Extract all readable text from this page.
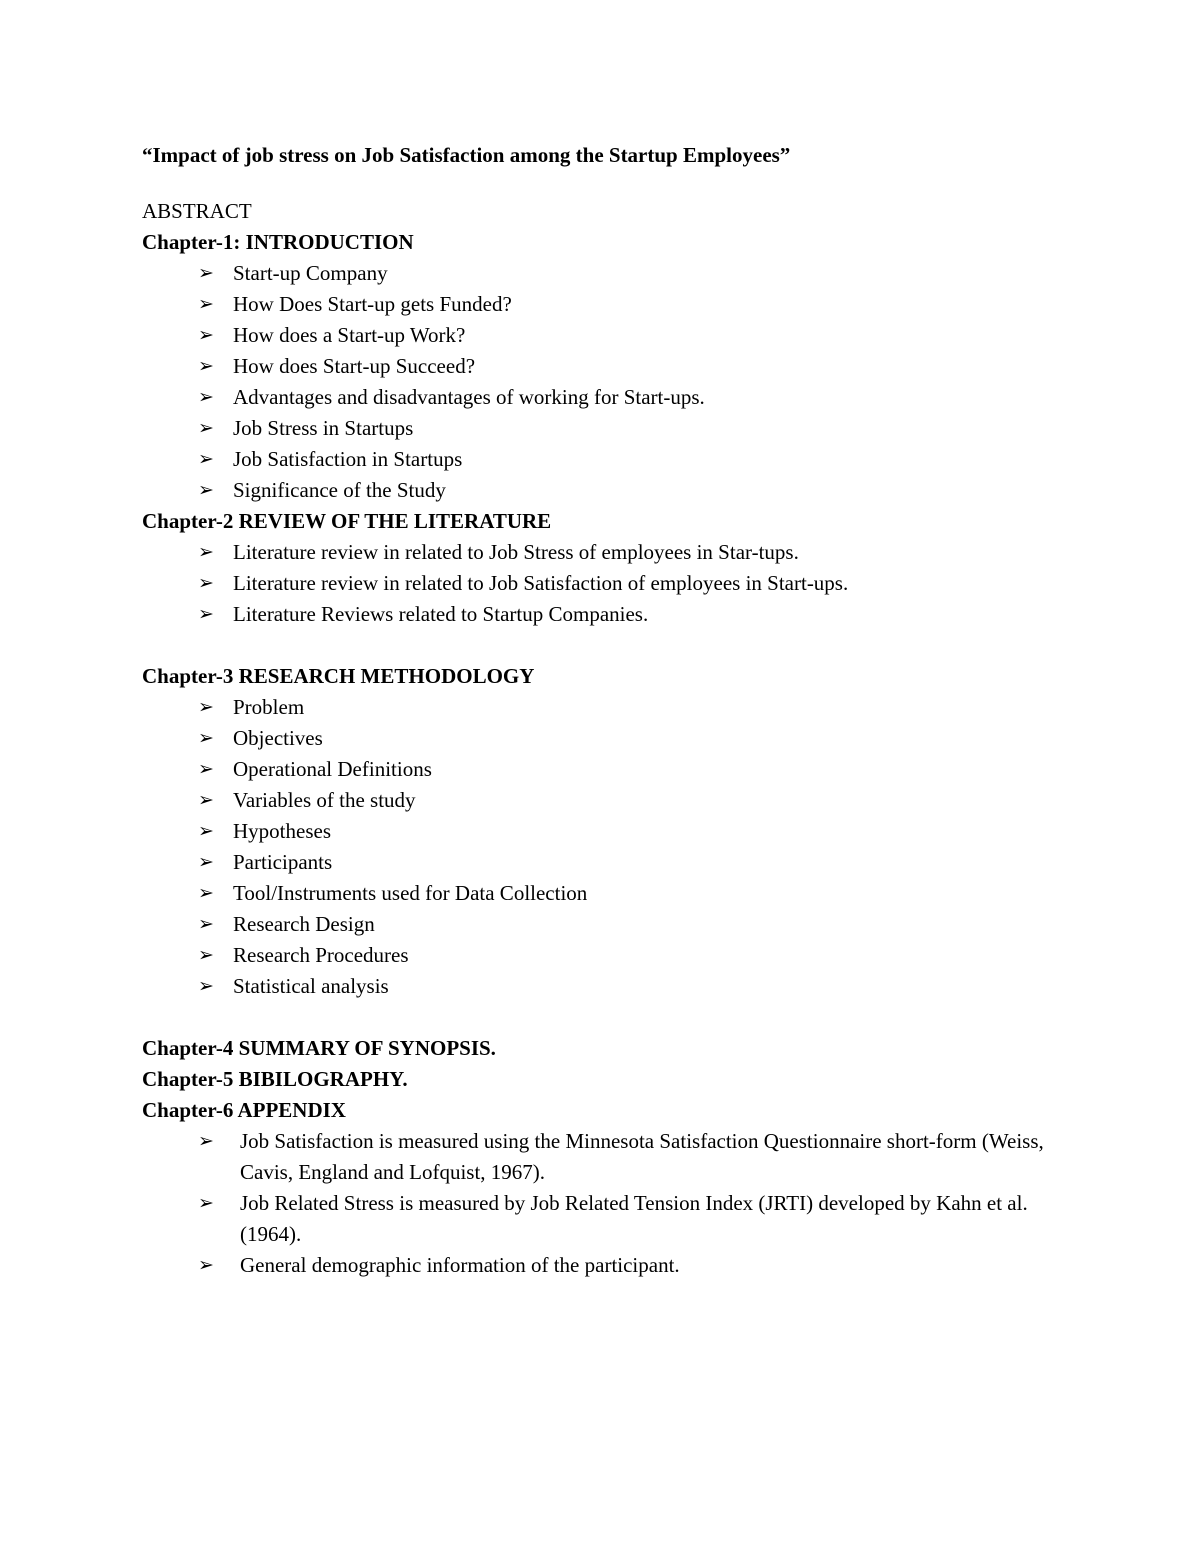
“Impact of job stress on Job Satisfaction among the Startup Employees”
ABSTRACT
Chapter-1: INTRODUCTION
➢ Start-up Company
➢ How Does Start-up gets Funded?
➢ How does a Start-up Work?
➢ How does Start-up Succeed?
➢ Advantages and disadvantages of working for Start-ups.
➢ Job Stress in Startups
➢ Job Satisfaction in Startups
➢ Significance of the Study
Chapter-2 REVIEW OF THE LITERATURE
➢ Literature review in related to Job Stress of employees in Star-tups.
➢ Literature review in related to Job Satisfaction of employees in Start-ups.
➢ Literature Reviews related to Startup Companies.
Chapter-3 RESEARCH METHODOLOGY
➢ Problem
➢ Objectives
➢ Operational Definitions
➢ Variables of the study
➢ Hypotheses
➢ Participants
➢ Tool/Instruments used for Data Collection
➢ Research Design
➢ Research Procedures
➢ Statistical analysis
Chapter-4 SUMMARY OF SYNOPSIS.
Chapter-5 BIBILOGRAPHY.
Chapter-6 APPENDIX
➢ Job Satisfaction is measured using the Minnesota Satisfaction Questionnaire short-form (Weiss, Cavis, England and Lofquist, 1967).
➢ Job Related Stress is measured by Job Related Tension Index (JRTI) developed by Kahn et al. (1964).
➢ General demographic information of the participant.
